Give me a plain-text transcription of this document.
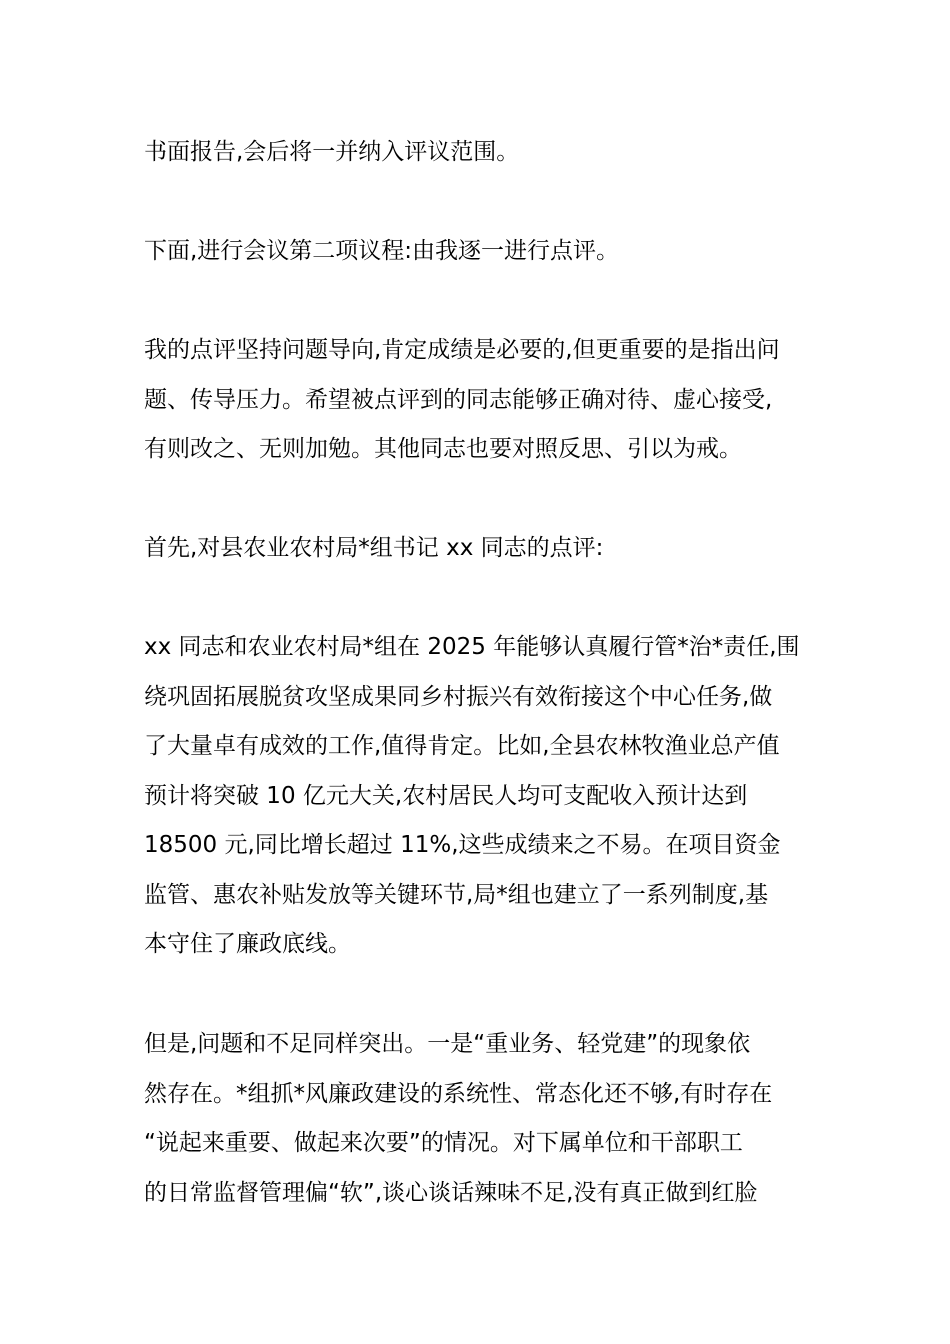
书面报告,会后将一并纳入评议范围。

下面,进行会议第二项议程:由我逐一进行点评。

我的点评坚持问题导向,肯定成绩是必要的,但更重要的是指出问
题、传导压力。希望被点评到的同志能够正确对待、虚心接受,
有则改之、无则加勉。其他同志也要对照反思、引以为戒。

首先,对县农业农村局*组书记 xx 同志的点评:

xx 同志和农业农村局*组在 2025 年能够认真履行管*治*责任,围
绕巩固拓展脱贫攻坚成果同乡村振兴有效衔接这个中心任务,做
了大量卓有成效的工作,值得肯定。比如,全县农林牧渔业总产值
预计将突破 10 亿元大关,农村居民人均可支配收入预计达到
18500 元,同比增长超过 11%,这些成绩来之不易。在项目资金
监管、惠农补贴发放等关键环节,局*组也建立了一系列制度,基
本守住了廉政底线。

但是,问题和不足同样突出。一是“重业务、轻党建”的现象依
然存在。*组抓*风廉政建设的系统性、常态化还不够,有时存在
“说起来重要、做起来次要”的情况。对下属单位和干部职工
的日常监督管理偏“软”,谈心谈话辣味不足,没有真正做到红脸
